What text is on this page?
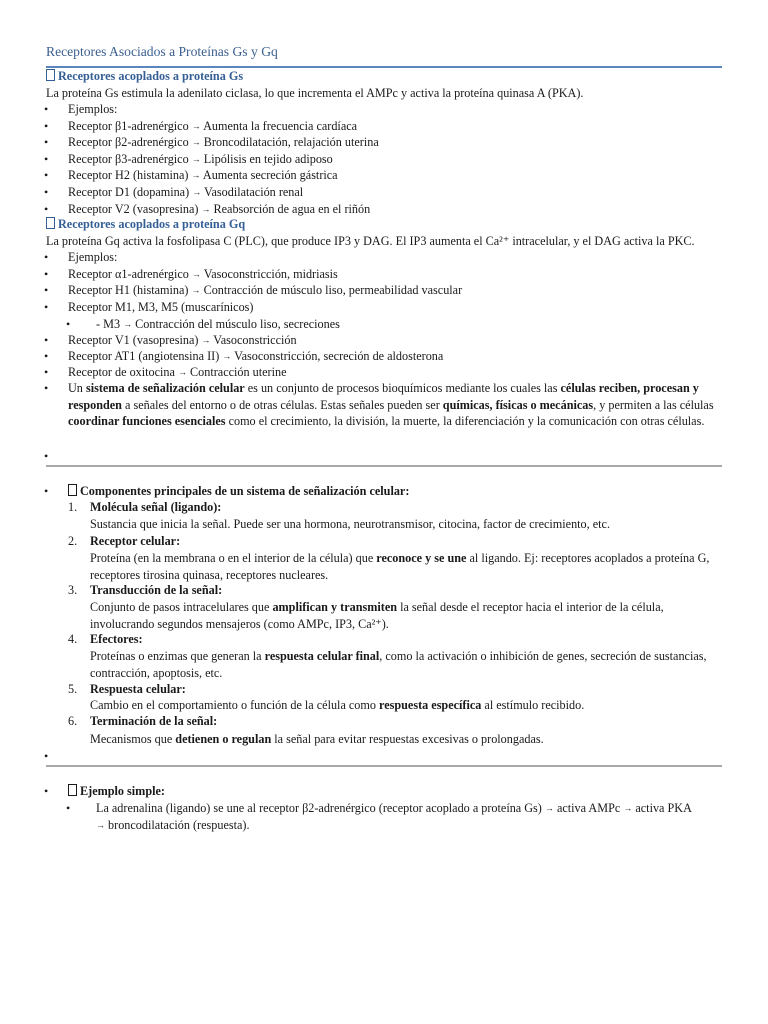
Receptores Asociados a Proteínas Gs y Gq
Receptores acoplados a proteína Gs
La proteína Gs estimula la adenilato ciclasa, lo que incrementa el AMPc y activa la proteína quinasa A (PKA).
• Ejemplos:
• Receptor β1-adrenérgico → Aumenta la frecuencia cardíaca
• Receptor β2-adrenérgico → Broncodilatación, relajación uterina
• Receptor β3-adrenérgico → Lipólisis en tejido adiposo
• Receptor H2 (histamina) → Aumenta secreción gástrica
• Receptor D1 (dopamina) → Vasodilatación renal
• Receptor V2 (vasopresina) → Reabsorción de agua en el riñón
Receptores acoplados a proteína Gq
La proteína Gq activa la fosfolipasa C (PLC), que produce IP3 y DAG. El IP3 aumenta el Ca²⁺ intracelular, y el DAG activa la PKC.
• Ejemplos:
• Receptor α1-adrenérgico → Vasoconstricción, midriasis
• Receptor H1 (histamina) → Contracción de músculo liso, permeabilidad vascular
• Receptor M1, M3, M5 (muscarínicos)
• - M3 → Contracción del músculo liso, secreciones
• Receptor V1 (vasopresina) → Vasoconstricción
• Receptor AT1 (angiotensina II) → Vasoconstricción, secreción de aldosterona
• Receptor de oxitocina → Contracción uterine
• Un sistema de señalización celular es un conjunto de procesos bioquímicos mediante los cuales las células reciben, procesan y responden a señales del entorno o de otras células. Estas señales pueden ser químicas, físicas o mecánicas, y permiten a las células coordinar funciones esenciales como el crecimiento, la división, la muerte, la diferenciación y la comunicación con otras células.
•
•	Componentes principales de un sistema de señalización celular:
1. Molécula señal (ligando):
Sustancia que inicia la señal. Puede ser una hormona, neurotransmisor, citocina, factor de crecimiento, etc.
2. Receptor celular:
Proteína (en la membrana o en el interior de la célula) que reconoce y se une al ligando. Ej: receptores acoplados a proteína G, receptores tirosina quinasa, receptores nucleares.
3. Transducción de la señal:
Conjunto de pasos intracelulares que amplifican y transmiten la señal desde el receptor hacia el interior de la célula, involucrando segundos mensajeros (como AMPc, IP3, Ca²⁺).
4. Efectores:
Proteínas o enzimas que generan la respuesta celular final, como la activación o inhibición de genes, secreción de sustancias, contracción, apoptosis, etc.
5. Respuesta celular:
Cambio en el comportamiento o función de la célula como respuesta específica al estímulo recibido.
6. Terminación de la señal:
Mecanismos que detienen o regulan la señal para evitar respuestas excesivas o prolongadas.
•
•	Ejemplo simple:
• La adrenalina (ligando) se une al receptor β2-adrenérgico (receptor acoplado a proteína Gs) → activa AMPc → activa PKA
→ broncodilatación (respuesta).
